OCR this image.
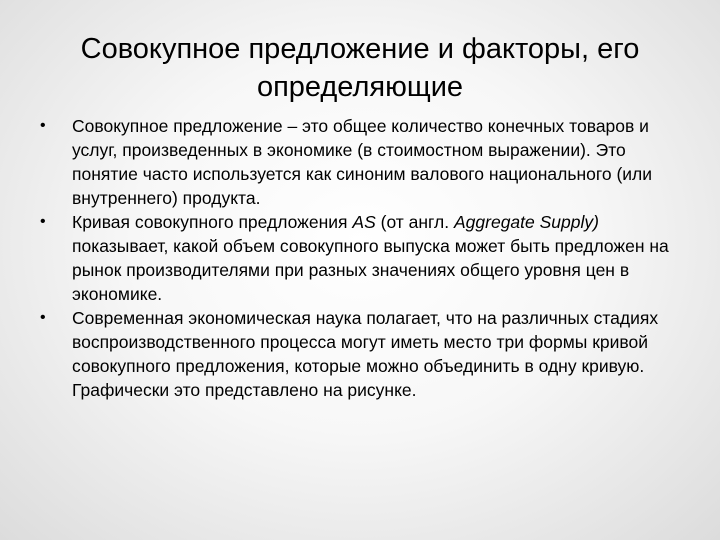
Совокупное предложение и факторы, его определяющие
• Совокупное предложение – это общее количество конечных товаров и услуг, произведенных в экономике (в стоимостном выражении). Это понятие часто используется как синоним валового национального (или внутреннего) продукта.
• Кривая совокупного предложения AS (от англ. Aggregate Supply) показывает, какой объем совокупного выпуска может быть предложен на рынок производителями при разных значениях общего уровня цен в экономике.
• Современная экономическая наука полагает, что на различных стадиях воспроизводственного процесса могут иметь место три формы кривой совокупного предложения, которые можно объединить в одну кривую. Графически это представлено на рисунке.
